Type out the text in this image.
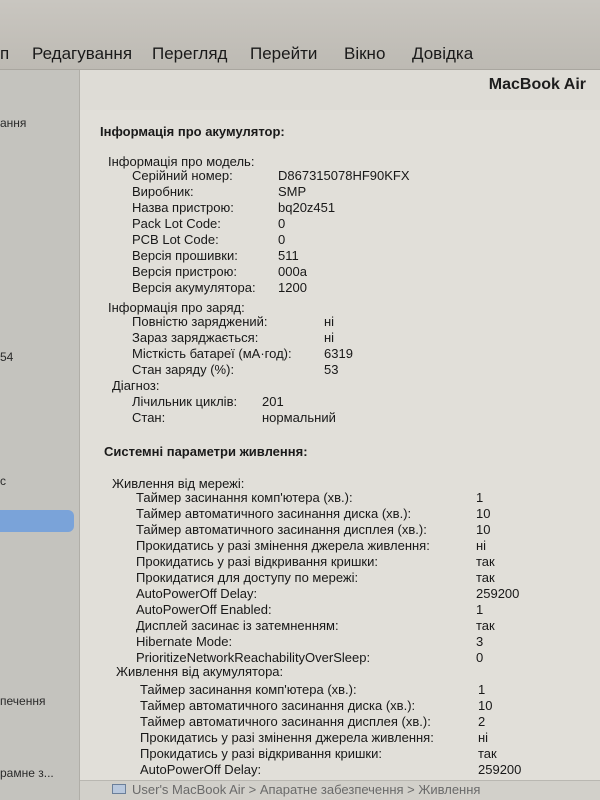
п Редагування Перегляд Перейти Вікно Довідка
ання
54
с
печення
рамне з...
MacBook Air
Інформація про акумулятор:
Інформація про модель:
Серійний номер:	D867315078HF90KFX
Виробник:	SMP
Назва пристрою:	bq20z451
Pack Lot Code:	0
PCB Lot Code:	0
Версія прошивки:	511
Версія пристрою:	000a
Версія акумулятора: 1200
Інформація про заряд:
Повністю заряджений:	ні
Зараз заряджається:	ні
Місткість батареї (мА·год): 6319
Стан заряду (%):	53
Діагноз:
Лічильник циклів: 201
Стан:	нормальний
Системні параметри живлення:
Живлення від мережі:
Таймер засинання комп'ютера (хв.):	1
Таймер автоматичного засинання диска (хв.):	10
Таймер автоматичного засинання дисплея (хв.):	10
Прокидатись у разі змінення джерела живлення:	ні
Прокидатись у разі відкривання кришки:	так
Прокидатися для доступу по мережі:	так
AutoPowerOff Delay:	259200
AutoPowerOff Enabled:	1
Дисплей засинає із затемненням:	так
Hibernate Mode:	3
PrioritizeNetworkReachabilityOverSleep:	0
Живлення від акумулятора:
Таймер засинання комп'ютера (хв.):	1
Таймер автоматичного засинання диска (хв.):	10
Таймер автоматичного засинання дисплея (хв.):	2
Прокидатись у разі змінення джерела живлення:	ні
Прокидатись у разі відкривання кришки:	так
AutoPowerOff Delay:	259200
User's MacBook Air > Апаратне забезпечення > Живлення
